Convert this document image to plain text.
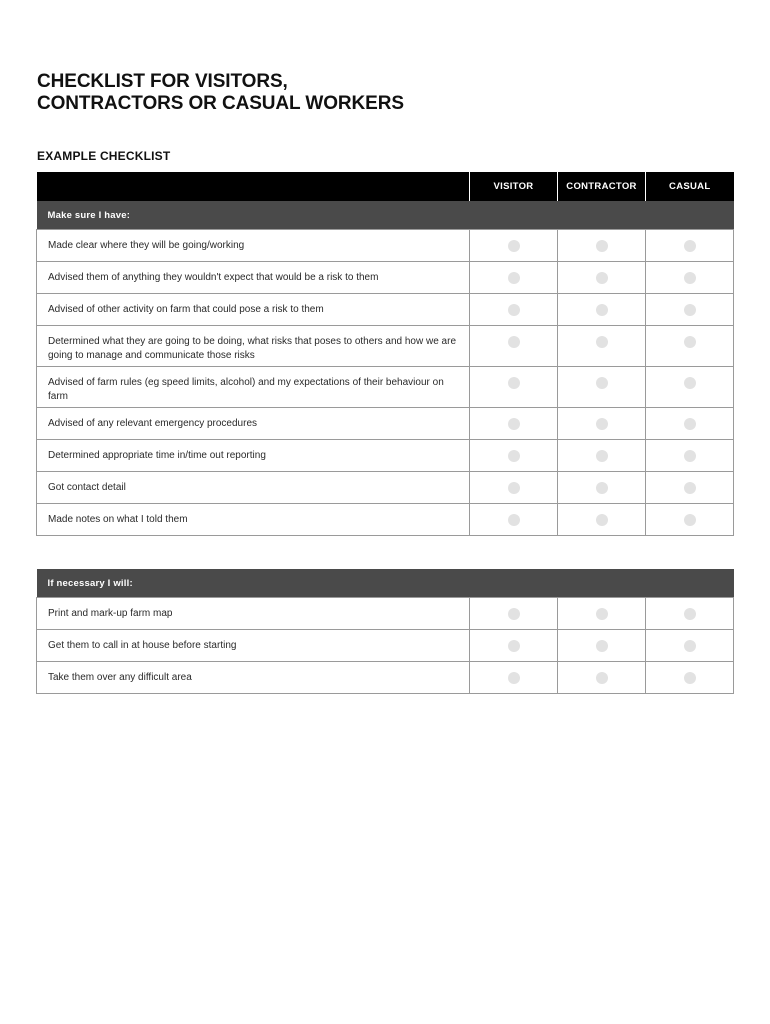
CHECKLIST FOR VISITORS,
CONTRACTORS OR CASUAL WORKERS
EXAMPLE CHECKLIST
	VISITOR	CONTRACTOR	CASUAL
Make sure I have:			
Made clear where they will be going/working			
Advised them of anything they wouldn't expect that would be a risk to them			
Advised of other activity on farm that could pose a risk to them			
Determined what they are going to be doing, what risks that poses to others and how we are going to manage and communicate those risks			
Advised of farm rules (eg speed limits, alcohol) and my expectations of their behaviour on farm			
Advised of any relevant emergency procedures			
Determined appropriate time in/time out reporting			
Got contact detail			
Made notes on what I told them			
If necessary I will:			
Print and mark-up farm map			
Get them to call in at house before starting			
Take them over any difficult area			
